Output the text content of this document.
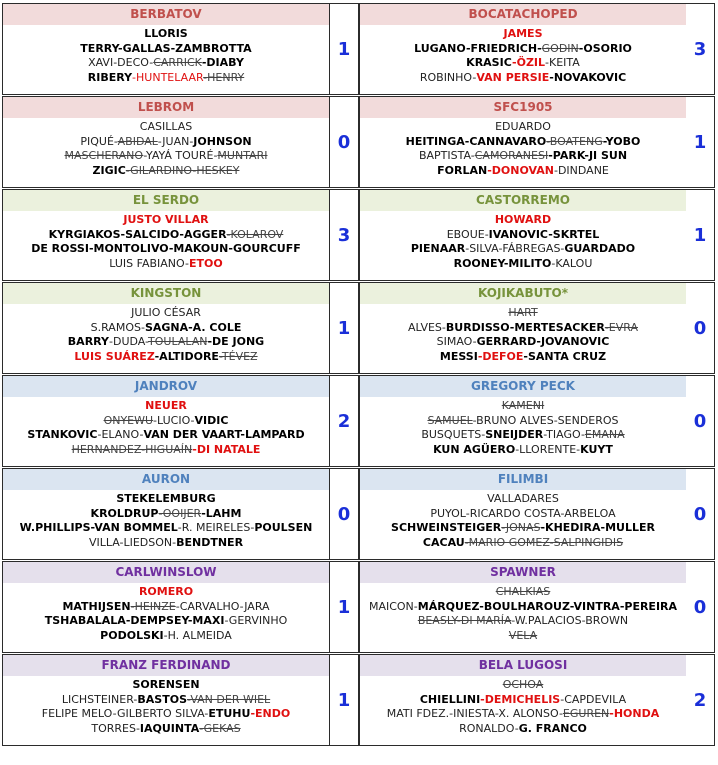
BERBATOV
LLORIS
TERRY-GALLAS-ZAMBROTTA
XAVI-DECO-CARRICK-DIABY
RIBERY-HUNTELAAR-HENRY
1
BOCATACHOPED
JAMES
LUGANO-FRIEDRICH-GODIN-OSORIO
KRASIC-ÖZIL-KEITA
ROBINHO-VAN PERSIE-NOVAKOVIC
3
LEBROM
CASILLAS
PIQUÉ-ABIDAL-JUAN-JOHNSON
MASCHERANO-YAYÁ TOURÉ-MUNTARI
ZIGIC-GILARDINO-HESKEY
0
SFC1905
EDUARDO
HEITINGA-CANNAVARO-BOATENG-YOBO
BAPTISTA-CAMORANESI-PARK-JI SUN
FORLAN-DONOVAN-DINDANE
1
EL SERDO
JUSTO VILLAR
KYRGIAKOS-SALCIDO-AGGER-KOLAROV
DE ROSSI-MONTOLIVO-MAKOUN-GOURCUFF
LUIS FABIANO-ETOO
3
CASTORREMO
HOWARD
EBOUE-IVANOVIC-SKRTEL
PIENAAR-SILVA-FÁBREGAS-GUARDADO
ROONEY-MILITO-KALOU
1
KINGSTON
JULIO CÉSAR
S.RAMOS-SAGNA-A. COLE
BARRY-DUDA-TOULALAN-DE JONG
LUIS SUÁREZ-ALTIDORE-TÉVEZ
1
KOJIKABUTO*
HART
ALVES-BURDISSO-MERTESACKER-EVRA
SIMAO-GERRARD-JOVANOVIC
MESSI-DEFOE-SANTA CRUZ
0
JANDROV
NEUER
ONYEWU-LUCIO-VIDIC
STANKOVIC-ELANO-VAN DER VAART-LAMPARD
HERNANDEZ-HIGUAÍN-DI NATALE
2
GREGORY PECK
KAMENI
SAMUEL-BRUNO ALVES-SENDEROS
BUSQUETS-SNEIJDER-TIAGO-EMANA
KUN AGÜERO-LLORENTE-KUYT
0
AURON
STEKELEMBURG
KROLDRUP-OOIJER-LAHM
W.PHILLIPS-VAN BOMMEL-R. MEIRELES-POULSEN
VILLA-LIEDSON-BENDTNER
0
FILIMBI
VALLADARES
PUYOL-RICARDO COSTA-ARBELOA
SCHWEINSTEIGER-JONAS-KHEDIRA-MULLER
CACAU-MARIO GOMEZ-SALPINGIDIS
0
CARLWINSLOW
ROMERO
MATHIJSEN-HEINZE-CARVALHO-JARA
TSHABALALA-DEMPSEY-MAXI-GERVINHO
PODOLSKI-H. ALMEIDA
1
SPAWNER
CHALKIAS
MAICON-MÁRQUEZ-BOULHAROUZ-VINTRA-PEREIRA
BEASLY-DI MARÍA-W.PALACIOS-BROWN
VELA
0
FRANZ FERDINAND
SORENSEN
LICHSTEINER-BASTOS-VAN DER WIEL
FELIPE MELO-GILBERTO SILVA-ETUHU-ENDO
TORRES-IAQUINTA-GEKAS
1
BELA LUGOSI
OCHOA
CHIELLINI-DEMICHELIS-CAPDEVILA
MATI FDEZ.-INIESTA-X. ALONSO-EGUREN-HONDA
RONALDO-G. FRANCO
2
